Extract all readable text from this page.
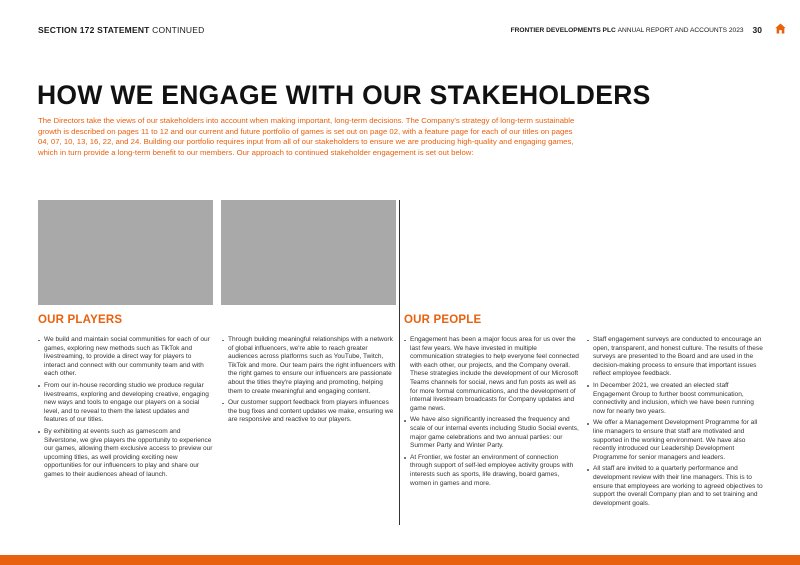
SECTION 172 STATEMENT CONTINUED	FRONTIER DEVELOPMENTS PLC
ANNUAL REPORT AND ACCOUNTS 2023 30
HOW WE ENGAGE WITH OUR STAKEHOLDERS

The Directors take the views of our stakeholders into account when making important, long-term decisions. The Company's strategy of long-term sustainable growth is described on pages 11 to 12 and our current and future portfolio of games is set out on page 02, with a feature page for each of our titles on pages 04, 07, 10, 13, 16, 22, and 24. Building our portfolio requires input from all of our stakeholders to ensure we are producing high-quality and engaging games, which in turn provide a long-term benefit to our members. Our approach to continued stakeholder engagement is set out below:

OUR PLAYERS	OUR PEOPLE
We build and maintain social communities for each of our games, exploring new methods such as TikTok and livestreaming, to provide a direct way for players to interact and connect with our community team and with each other.
From our in-house recording studio we produce regular livestreams, exploring and developing creative, engaging new ways and tools to engage our players on a social level, and to reveal to them the latest updates and features of our titles.
By exhibiting at events such as gamescom and Silverstone, we give players the opportunity to experience our games, allowing them exclusive access to preview our upcoming titles, as well providing exciting new opportunities for our influencers to play and share our games to their audiences ahead of launch.
Through building meaningful relationships with a network of global influencers, we're able to reach greater audiences across platforms such as YouTube, Twitch, TikTok and more. Our team pairs the right influencers with the right games to ensure our influencers are passionate about the titles they're playing and promoting, helping them to create meaningful and engaging content.
Our customer support feedback from players influences the bug fixes and content updates we make, ensuring we are responsive and reactive to our players.
Engagement has been a major focus area for us over the last few years. We have invested in multiple communication strategies to help everyone feel connected with each other, our projects, and the Company overall. These strategies include the development of our Microsoft Teams channels for social, news and fun posts as well as for more formal communications, and the development of internal livestream broadcasts for Company updates and game news.
We have also significantly increased the frequency and scale of our internal events including Studio Social events, major game celebrations and two annual parties: our Summer Party and Winter Party.
At Frontier, we foster an environment of connection through support of self-led employee activity groups with interests such as sports, life drawing, board games, women in games and more.
Staff engagement surveys are conducted to encourage an open, transparent, and honest culture. The results of these surveys are presented to the Board and are used in the decision-making process to ensure that important issues reflect employee feedback.
In December 2021, we created an elected staff Engagement Group to further boost communication, connectivity and inclusion, which we have been running now for nearly two years.
We offer a Management Development Programme for all line managers to ensure that staff are motivated and supported in the working environment. We have also recently introduced our Leadership Development Programme for senior managers and leaders.
All staff are invited to a quarterly performance and development review with their line managers. This is to ensure that employees are working to agreed objectives to support the overall Company plan and to set training and development goals.
